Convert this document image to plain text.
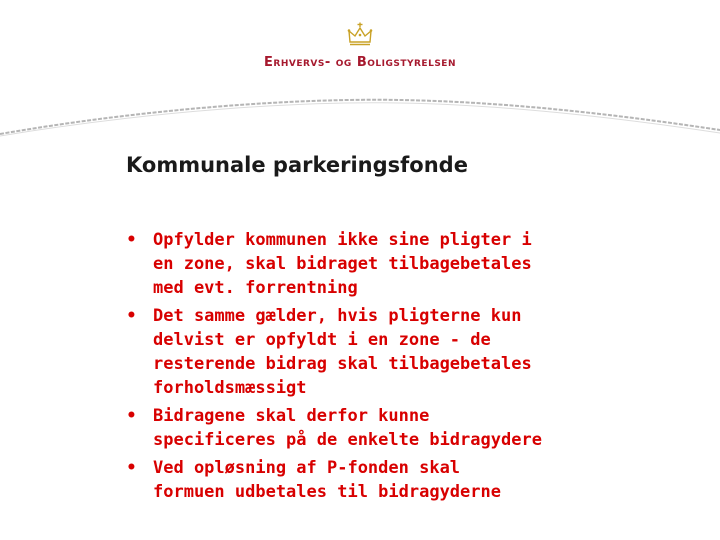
Erhvervs- og Boligstyrelsen
Kommunale parkeringsfonde
• Opfylder kommunen ikke sine pligter i
en zone, skal bidraget tilbagebetales
med evt. forrentning
• Det samme gælder, hvis pligterne kun
delvist er opfyldt i en zone - de
resterende bidrag skal tilbagebetales
forholdsmæssigt
• Bidragene skal derfor kunne
specificeres på de enkelte bidragydere
• Ved opløsning af P-fonden skal
formuen udbetales til bidragyderne
